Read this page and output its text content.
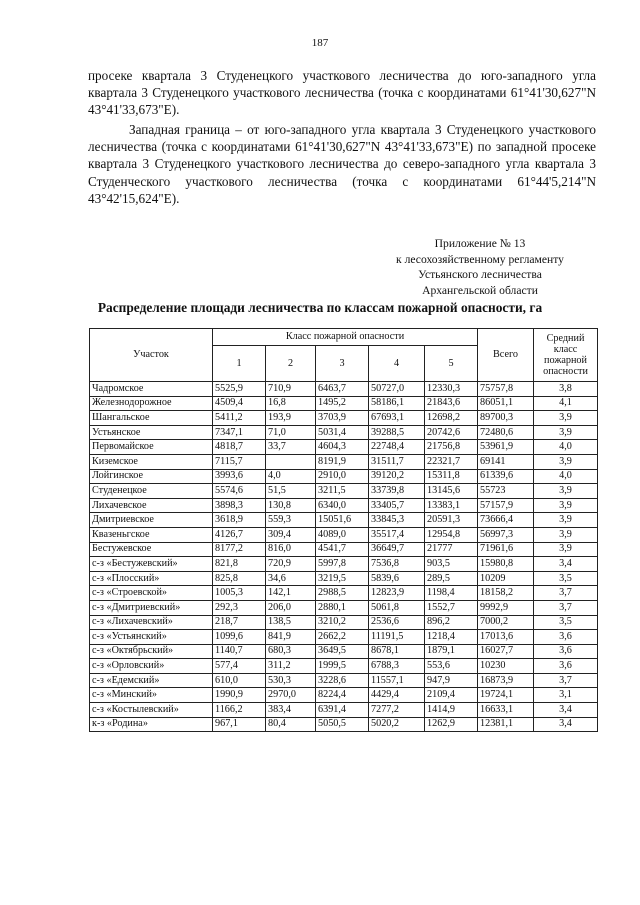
187

просеке квартала 3 Студенецкого участкового лесничества до юго-западного угла квартала 3 Студенецкого участкового лесничества (точка с координатами 61°41'30,627"N 43°41'33,673"E).

Западная граница – от юго-западного угла квартала 3 Студенецкого участкового лесничества (точка с координатами 61°41'30,627"N 43°41'33,673"E) по западной просеке квартала 3 Студенецкого участкового лесничества до северо-западного угла квартала 3 Студенческого участкового лесничества (точка с координатами 61°44'5,214"N 43°42'15,624"E).

Приложение № 13
к лесохозяйственному регламенту
Устьянского лесничества
Архангельской области
Распределение площади лесничества по классам пожарной опасности, га
Участок	Класс пожарной опасности					Всего	Средний класс пожарной опасности
	1	2	3	4	5		
Чадромское	5525,9	710,9	6463,7	50727,0	12330,3	75757,8	3,8
Железнодорожное	4509,4	16,8	1495,2	58186,1	21843,6	86051,1	4,1
Шангальское	5411,2	193,9	3703,9	67693,1	12698,2	89700,3	3,9
Устьянское	7347,1	71,0	5031,4	39288,5	20742,6	72480,6	3,9
Первомайское	4818,7	33,7	4604,3	22748,4	21756,8	53961,9	4,0
Киземское	7115,7		8191,9	31511,7	22321,7	69141	3,9
Лойгинское	3993,6	4,0	2910,0	39120,2	15311,8	61339,6	4,0
Студенецкое	5574,6	51,5	3211,5	33739,8	13145,6	55723	3,9
Лихачевское	3898,3	130,8	6340,0	33405,7	13383,1	57157,9	3,9
Дмитриевское	3618,9	559,3	15051,6	33845,3	20591,3	73666,4	3,9
Квазеньгское	4126,7	309,4	4089,0	35517,4	12954,8	56997,3	3,9
Бестужевское	8177,2	816,0	4541,7	36649,7	21777	71961,6	3,9
с-з «Бестужевский»	821,8	720,9	5997,8	7536,8	903,5	15980,8	3,4
с-з «Плосский»	825,8	34,6	3219,5	5839,6	289,5	10209	3,5
с-з «Строевской»	1005,3	142,1	2988,5	12823,9	1198,4	18158,2	3,7
с-з «Дмитриевский»	292,3	206,0	2880,1	5061,8	1552,7	9992,9	3,7
с-з «Лихачевский»	218,7	138,5	3210,2	2536,6	896,2	7000,2	3,5
с-з «Устьянский»	1099,6	841,9	2662,2	11191,5	1218,4	17013,6	3,6
с-з «Октябрьский»	1140,7	680,3	3649,5	8678,1	1879,1	16027,7	3,6
с-з «Орловский»	577,4	311,2	1999,5	6788,3	553,6	10230	3,6
с-з «Едемский»	610,0	530,3	3228,6	11557,1	947,9	16873,9	3,7
с-з «Минский»	1990,9	2970,0	8224,4	4429,4	2109,4	19724,1	3,1
с-з «Костылевский»	1166,2	383,4	6391,4	7277,2	1414,9	16633,1	3,4
к-з «Родина»	967,1	80,4	5050,5	5020,2	1262,9	12381,1	3,4
